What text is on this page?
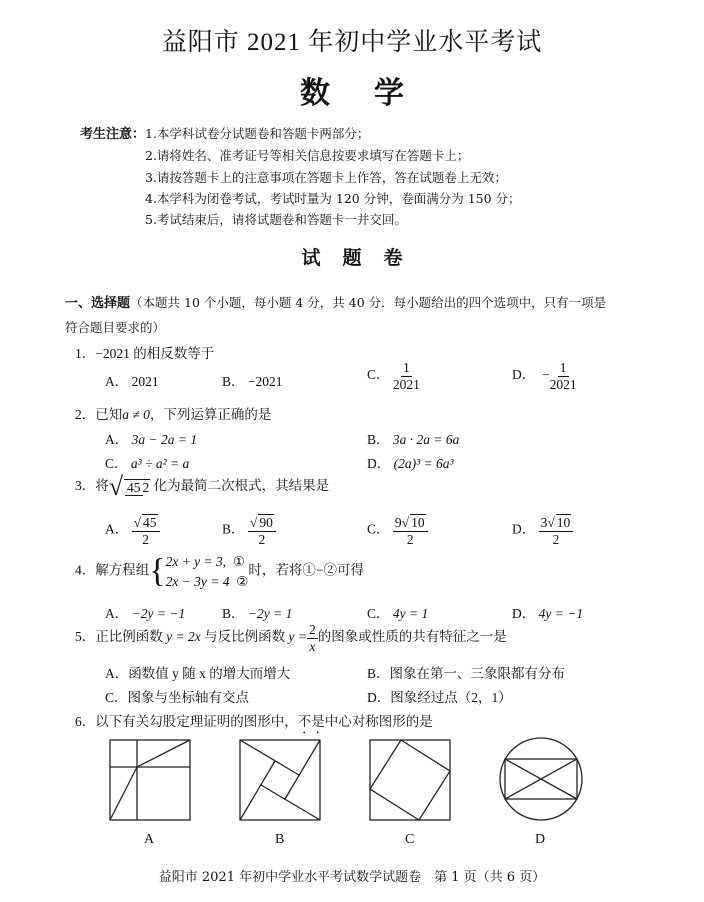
益阳市 2021 年初中学业水平考试
数 学
考生注意： 1.本学科试卷分试题卷和答题卡两部分；
2.请将姓名、准考证号等相关信息按要求填写在答题卡上；
3.请按答题卡上的注意事项在答题卡上作答，答在试题卷上无效；
4.本学科为闭卷考试，考试时量为 120 分钟，卷面满分为 150 分；
5.考试结束后，请将试题卷和答题卡一并交回。
试 题 卷
一、选择题（本题共 10 个小题，每小题 4 分，共 40 分．每小题给出的四个选项中，只有一项是
符合题目要求的）
1．−2021 的相反数等于
A． 2021	B． −2021	C． $\frac{1}{2021}$	D． − $\frac{1}{2021}$
2．已知a ≠ 0，下列运算正确的是
A． 3a − 2a = 1	B． 3a · 2a = 6a
C． a³ ÷ a² = a	D． (2a)³ = 6a³
3．将√ 45 2 化为最简二次根式，其结果是
A． $\frac{√ 45}{2}$	B． $\frac{√ 90}{2}$	C． $\frac{9√ 10}{2}$	D． $\frac{3√ 10}{2}$
4．解方程组{ 2x + y = 3, ①
2x − 3y = 4 ②
时，若将①−②可得
A． −2y = −1	B． −2y = 1	C． 4y = 1	D． 4y = −1
5．正比例函数 y = 2x 与反比例函数 $y = \frac{2}{x}$ 的图象或性质的共有特征之一是
A．函数值 y 随 x 的增大而增大	B．图象在第一、三象限都有分布
C．图象与坐标轴有交点	D．图象经过点（2，1）
6．以下有关勾股定理证明的图形中，不是中心对称图形的是
A	B	C	D
益阳市 2021 年初中学业水平考试数学试题卷　第 1 页（共 6 页）
